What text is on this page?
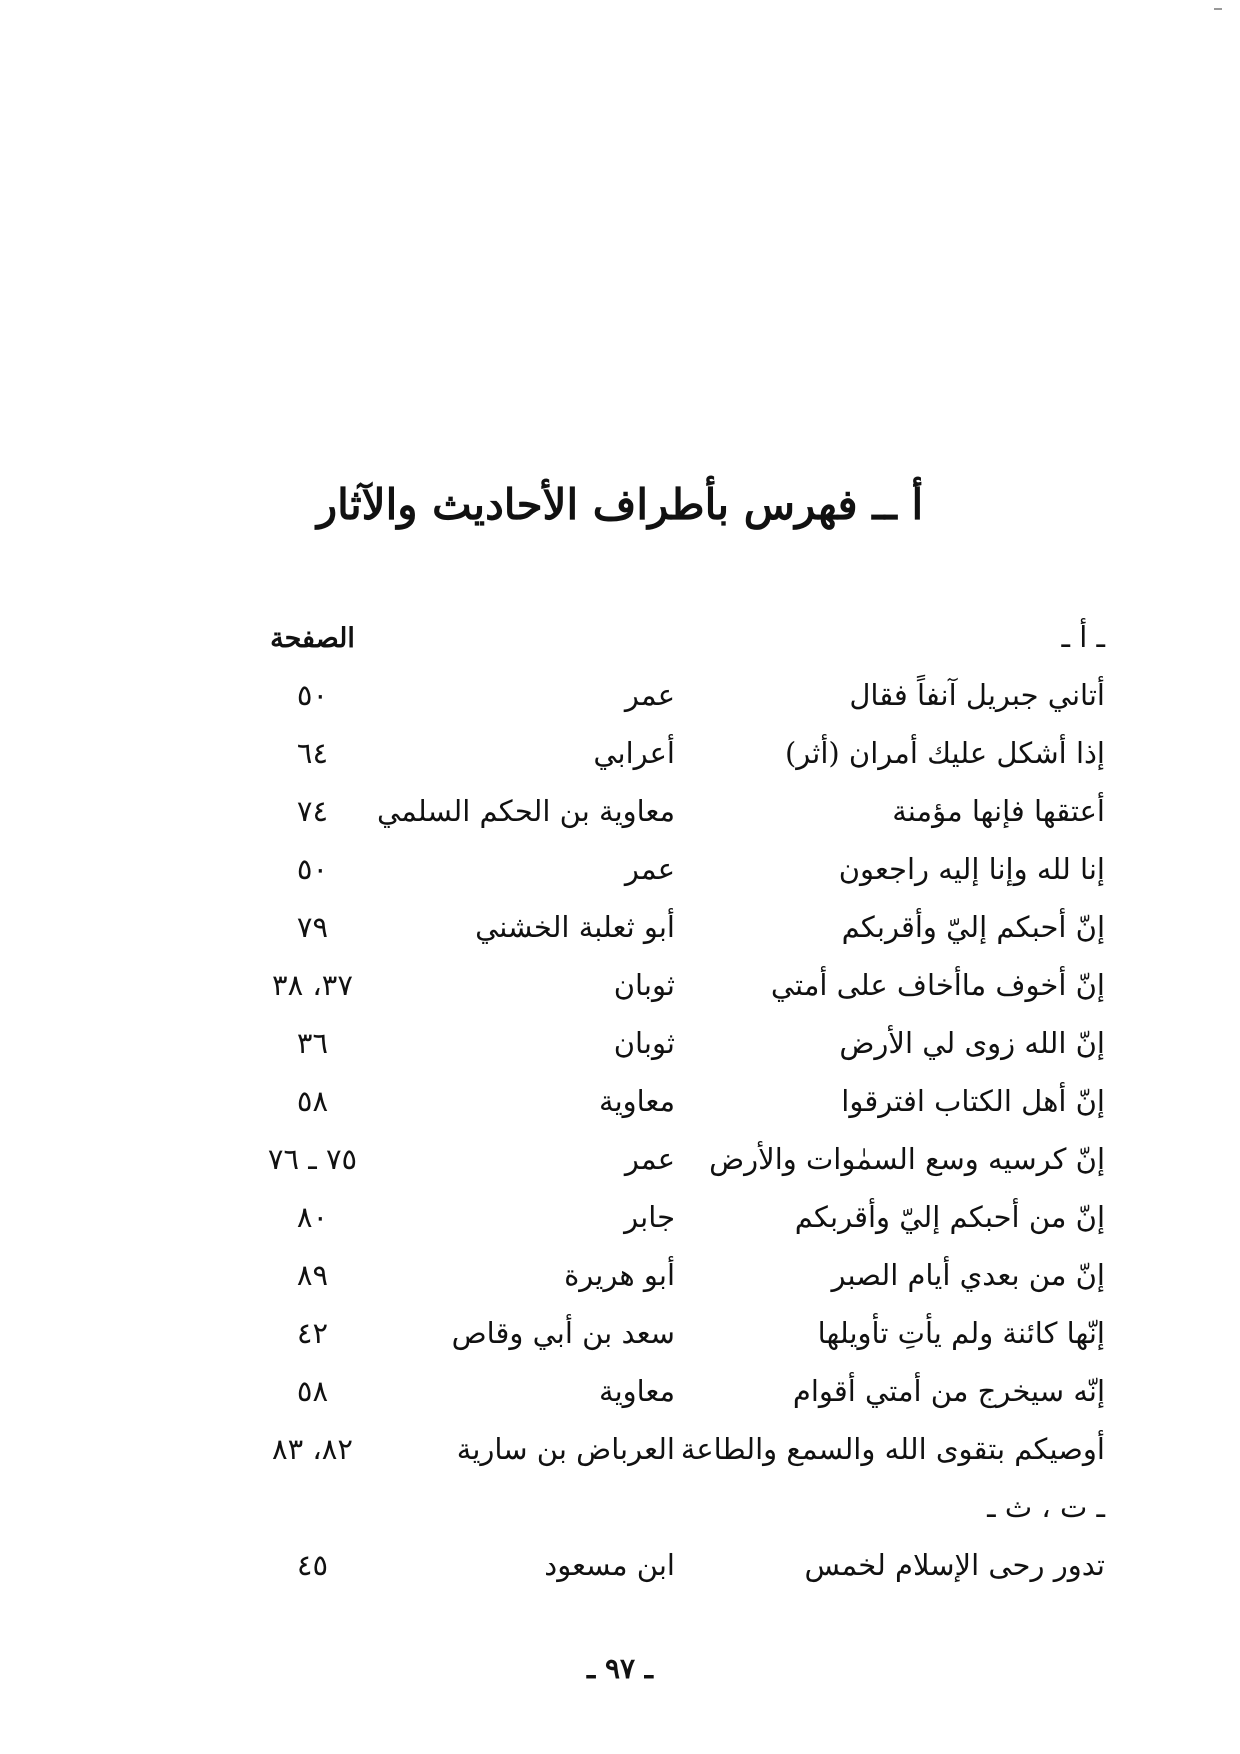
أ ــ فهرس بأطراف الأحاديث والآثار
ـ أ ـ
الصفحة
أتاني جبريل آنفاً فقال
عمر
٥٠
إذا أشكل عليك أمران (أثر)
أعرابي
٦٤
أعتقها فإنها مؤمنة
معاوية بن الحكم السلمي
٧٤
إنا لله وإنا إليه راجعون
عمر
٥٠
إنّ أحبكم إليّ وأقربكم
أبو ثعلبة الخشني
٧٩
إنّ أخوف ماأخاف على أمتي
ثوبان
٣٧، ٣٨
إنّ الله زوى لي الأرض
ثوبان
٣٦
إنّ أهل الكتاب افترقوا
معاوية
٥٨
إنّ كرسيه وسع السمٰوات والأرض
عمر
٧٥ ـ ٧٦
إنّ من أحبكم إليّ وأقربكم
جابر
٨٠
إنّ من بعدي أيام الصبر
أبو هريرة
٨٩
إنّها كائنة ولم يأتِ تأويلها
سعد بن أبي وقاص
٤٢
إنّه سيخرج من أمتي أقوام
معاوية
٥٨
أوصيكم بتقوى الله والسمع والطاعة
العرباض بن سارية
٨٢، ٨٣
ـ ت ، ث ـ
تدور رحى الإسلام لخمس
ابن مسعود
٤٥
ـ ٩٧ ـ
